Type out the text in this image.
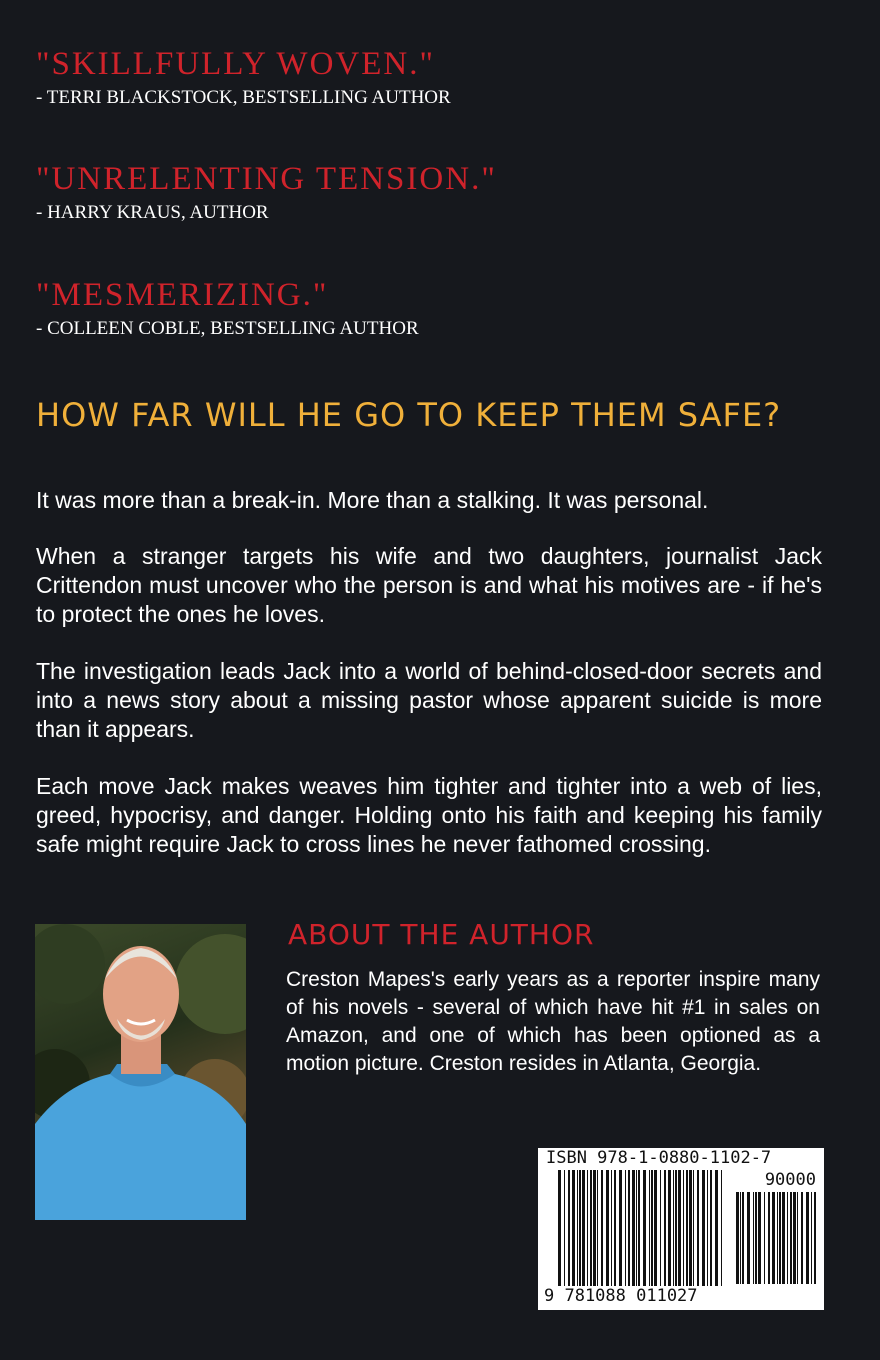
"SKILLFULLY WOVEN."
- TERRI BLACKSTOCK, BESTSELLING AUTHOR
"UNRELENTING TENSION."
- HARRY KRAUS, AUTHOR
"MESMERIZING."
- COLLEEN COBLE, BESTSELLING AUTHOR
HOW FAR WILL HE GO TO KEEP THEM SAFE?

It was more than a break-in. More than a stalking. It was personal.

When a stranger targets his wife and two daughters, journalist Jack Crittendon must uncover who the person is and what his motives are - if he's to protect the ones he loves.

The investigation leads Jack into a world of behind-closed-door secrets and into a news story about a missing pastor whose apparent suicide is more than it appears.

Each move Jack makes weaves him tighter and tighter into a web of lies, greed, hypocrisy, and danger. Holding onto his faith and keeping his family safe might require Jack to cross lines he never fathomed crossing.

ABOUT THE AUTHOR

Creston Mapes's early years as a reporter inspire many of his novels - several of which have hit #1 in sales on Amazon, and one of which has been optioned as a motion picture. Creston resides in Atlanta, Georgia.

ISBN 978-1-0880-1102-7
90000
9 781088 011027
